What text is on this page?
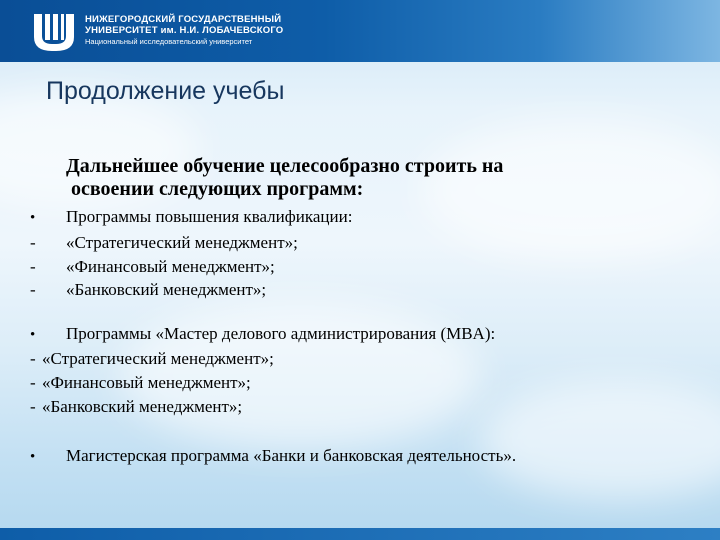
НИЖЕГОРОДСКИЙ ГОСУДАРСТВЕННЫЙ
УНИВЕРСИТЕТ им. Н.И. ЛОБАЧЕВСКОГО
Национальный исследовательский университет
Продолжение учебы
Дальнейшее обучение целесообразно строить на
освоении следующих программ:
• Программы повышения квалификации:
- «Стратегический менеджмент»;
- «Финансовый менеджмент»;
- «Банковский менеджмент»;
• Программы «Мастер делового администрирования (MBA):
- «Стратегический менеджмент»;
- «Финансовый менеджмент»;
- «Банковский менеджмент»;
• Магистерская программа «Банки и банковская деятельность».
